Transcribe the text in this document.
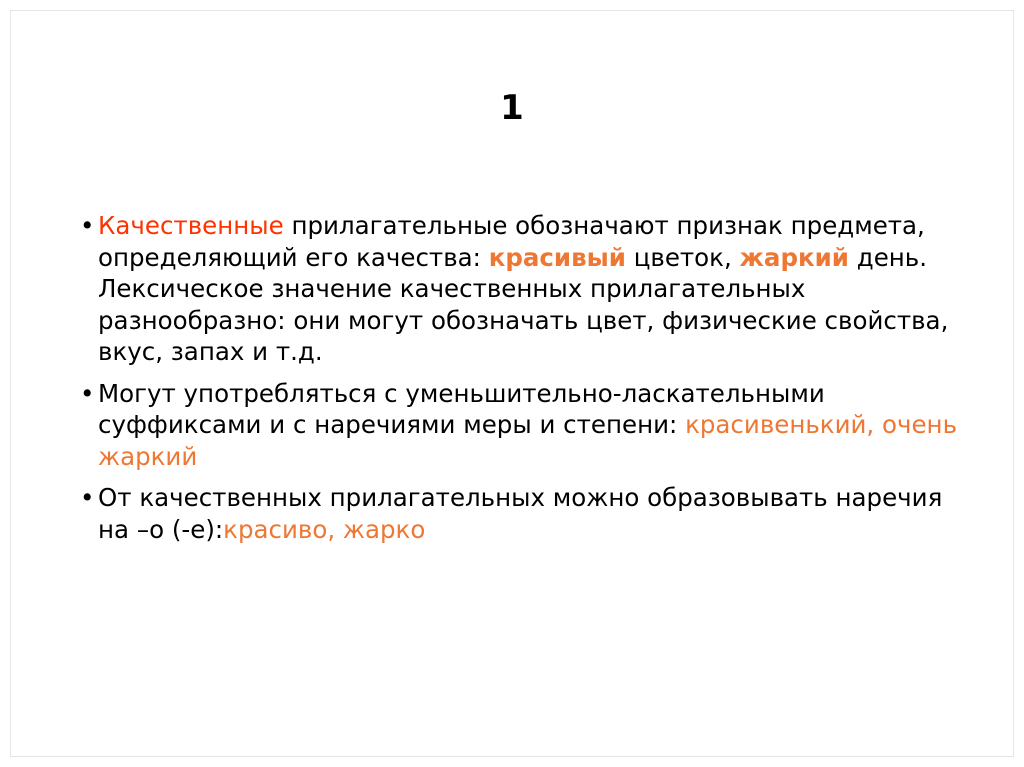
1
• Качественные прилагательные обозначают признак предмета, определяющий его качества: красивый цветок, жаркий день. Лексическое значение качественных прилагательных разнообразно: они могут обозначать цвет, физические свойства, вкус, запах и т.д.
• Могут употребляться с уменьшительно-ласкательными суффиксами и с наречиями меры и степени: красивенький, очень жаркий
• От качественных прилагательных можно образовывать наречия на –о (-е):красиво, жарко
